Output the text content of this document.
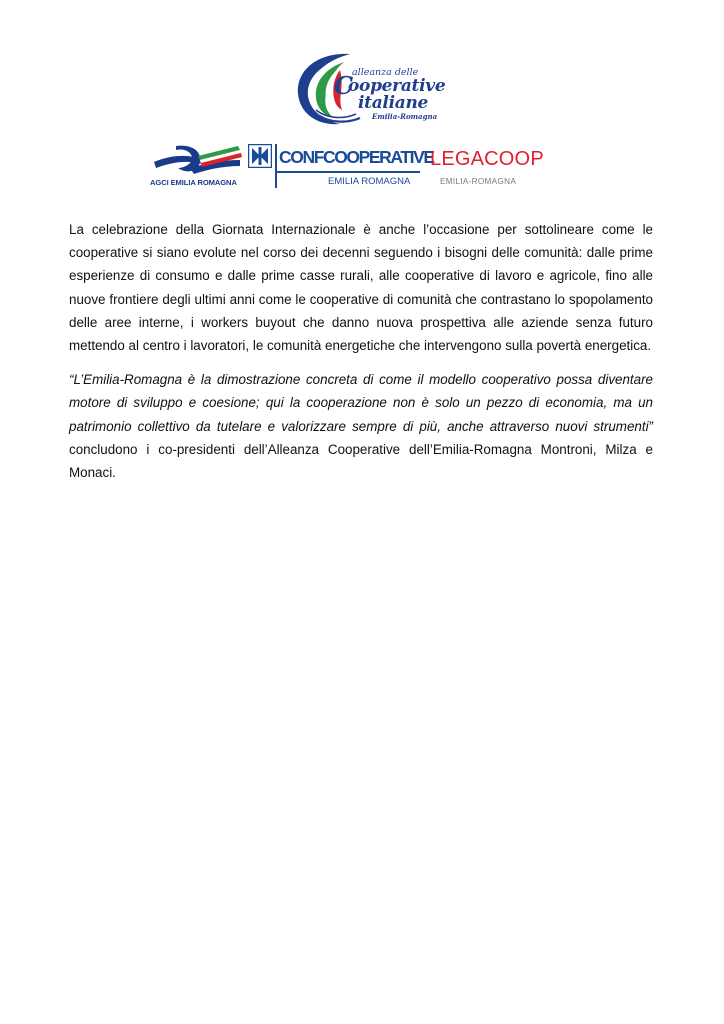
C
alleanza delle
ooperative
italiane
Emilia-Romagna
AGCI EMILIA ROMAGNA
CONFCOOPERATIVE
EMILIA ROMAGNA
LEGACOOP
EMILIA-ROMAGNA

La celebrazione della Giornata Internazionale è anche l’occasione per sottolineare come le cooperative si siano evolute nel corso dei decenni seguendo i bisogni delle comunità: dalle prime esperienze di consumo e dalle prime casse rurali, alle cooperative di lavoro e agricole, fino alle nuove frontiere degli ultimi anni come le cooperative di comunità che contrastano lo spopolamento delle aree interne, i workers buyout che danno nuova prospettiva alle aziende senza futuro mettendo al centro i lavoratori, le comunità energetiche che intervengono sulla povertà energetica.

“L’Emilia-Romagna è la dimostrazione concreta di come il modello cooperativo possa diventare motore di sviluppo e coesione; qui la cooperazione non è solo un pezzo di economia, ma un patrimonio collettivo da tutelare e valorizzare sempre di più, anche attraverso nuovi strumenti” concludono i co-presidenti dell’Alleanza Cooperative dell’Emilia-Romagna Montroni, Milza e Monaci.
